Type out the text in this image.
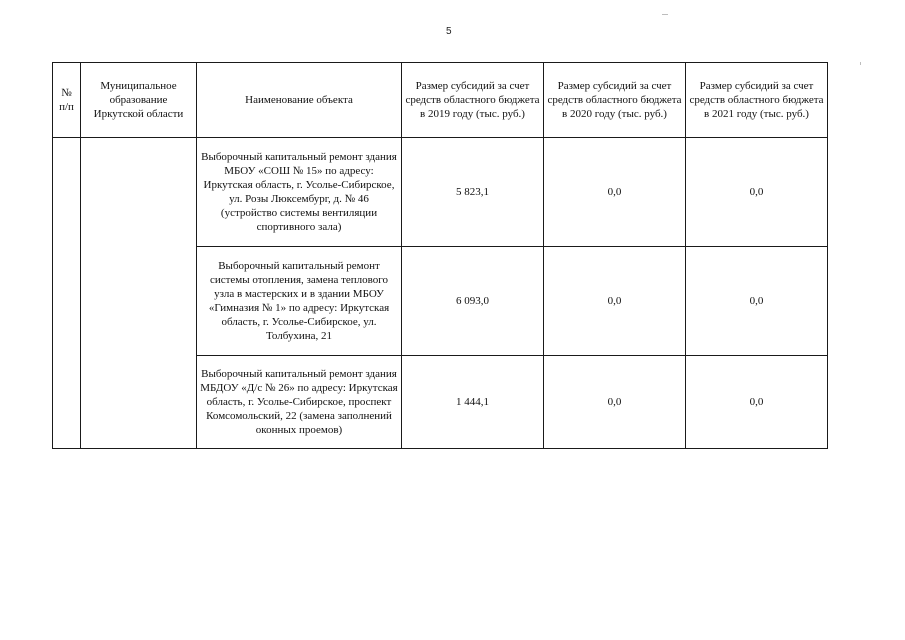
5
№ п/п	Муниципальное образование Иркутской области	Наименование объекта	Размер субсидий за счет средств областного бюджета в 2019 году (тыс. руб.)	Размер субсидий за счет средств областного бюджета в 2020 году (тыс. руб.)	Размер субсидий за счет средств областного бюджета в 2021 году (тыс. руб.)
		Выборочный капитальный ремонт здания МБОУ «СОШ № 15» по адресу: Иркутская область, г. Усолье-Сибирское, ул. Розы Люксембург, д. № 46 (устройство системы вентиляции спортивного зала)	5 823,1	0,0	0,0
		Выборочный капитальный ремонт системы отопления, замена теплового узла в мастерских и в здании МБОУ «Гимназия № 1» по адресу: Иркутская область, г. Усолье-Сибирское, ул. Толбухина, 21	6 093,0	0,0	0,0
		Выборочный капитальный ремонт здания МБДОУ «Д/с № 26» по адресу: Иркутская область, г. Усолье-Сибирское, проспект Комсомольский, 22 (замена заполнений оконных проемов)	1 444,1	0,0	0,0
